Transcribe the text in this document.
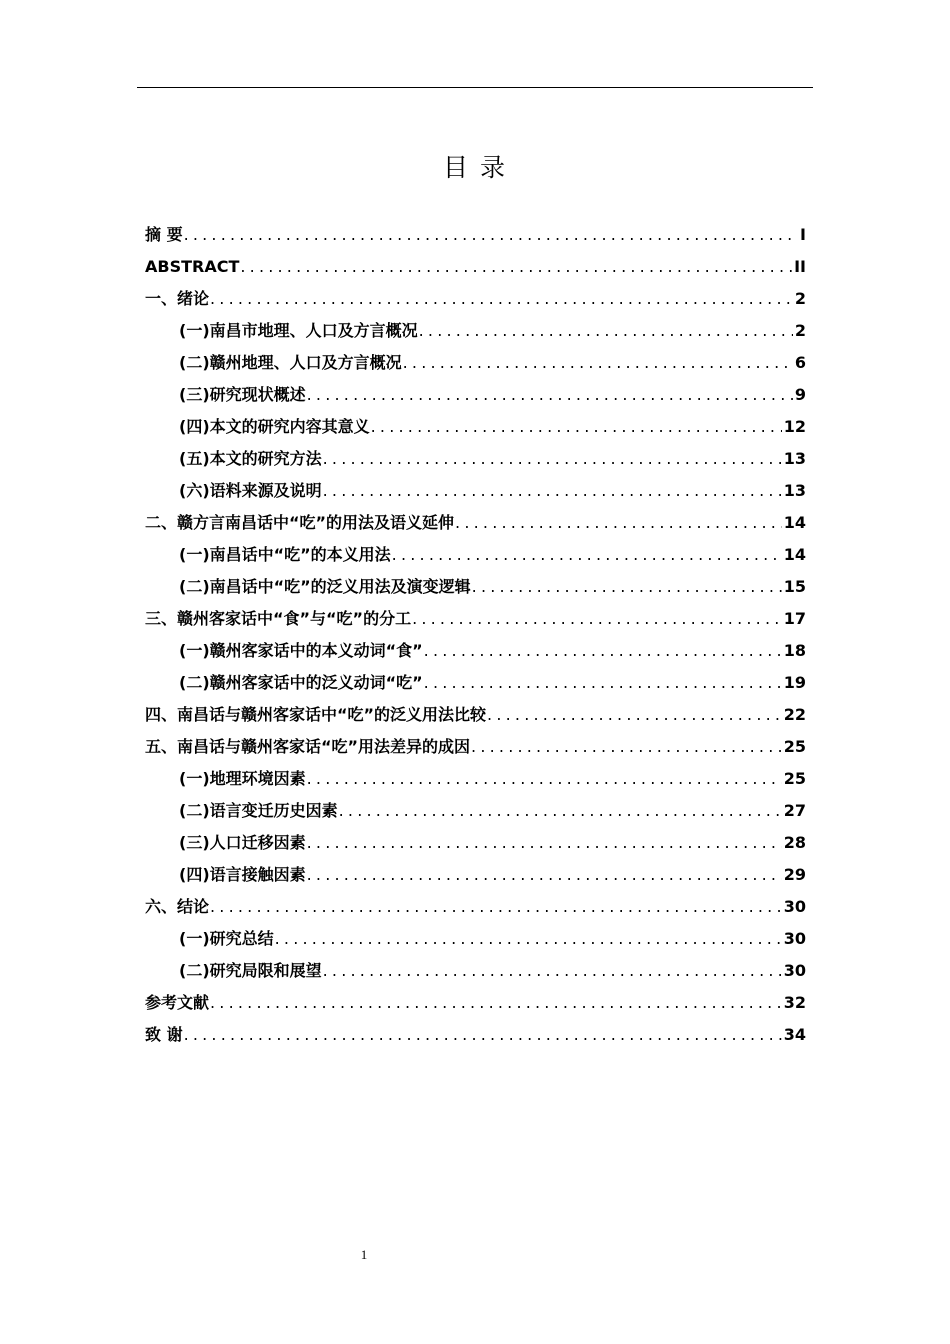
目 录
摘 要 .....	I
ABSTRACT .....	II
一、绪论 .....	2
(一)南昌市地理、人口及方言概况 .....	2
(二)赣州地理、人口及方言概况 .....	6
(三)研究现状概述 .....	9
(四)本文的研究内容其意义 .....	12
(五)本文的研究方法 .....	13
(六)语料来源及说明 .....	13
二、赣方言南昌话中“吃”的用法及语义延伸 .....	14
(一)南昌话中“吃”的本义用法 .....	14
(二)南昌话中“吃”的泛义用法及演变逻辑 .....	15
三、赣州客家话中“食”与“吃”的分工 .....	17
(一)赣州客家话中的本义动词“食” .....	18
(二)赣州客家话中的泛义动词“吃” .....	19
四、南昌话与赣州客家话中“吃”的泛义用法比较 .....	22
五、南昌话与赣州客家话“吃”用法差异的成因 .....	25
(一)地理环境因素 .....	25
(二)语言变迁历史因素 .....	27
(三)人口迁移因素 .....	28
(四)语言接触因素 .....	29
六、结论 .....	30
(一)研究总结 .....	30
(二)研究局限和展望 .....	30
参考文献 .....	32
致 谢 .....	34
1
